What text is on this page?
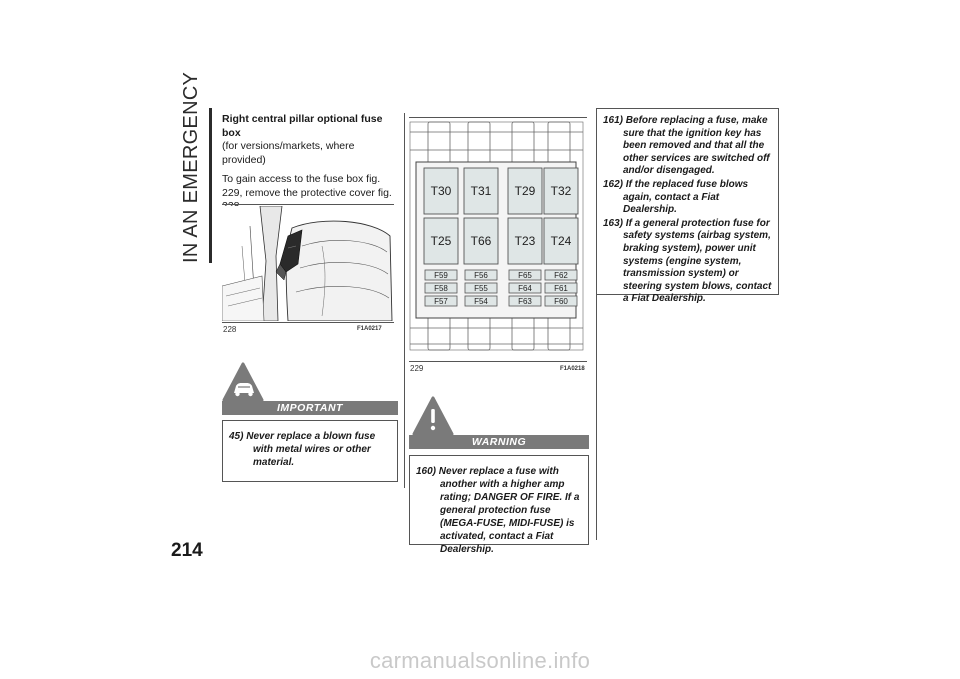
IN AN EMERGENCY
214
Right central pillar optional fuse box

(for versions/markets, where provided)

To gain access to the fuse box fig. 229, remove the protective cover fig.

228	F1A0217
IMPORTANT
45) Never replace a blown fuse with metal wires or other material.
T30 T31 T29 T32
T25 T66 T23 T24
F59	F56	F65	F62
F58	F55	F64	F61
F57	F54	F63	F60
229	F1A0218
WARNING
160) Never replace a fuse with another with a higher amp rating; DANGER OF FIRE. If a general protection fuse (MEGA-FUSE, MIDI-FUSE) is activated, contact a Fiat Dealership.
161) Before replacing a fuse, make sure that the ignition key has been removed and that all the other services are switched off and/or disengaged.
162) If the replaced fuse blows again, contact a Fiat Dealership.
163) If a general protection fuse for safety systems (airbag system, braking system), power unit systems (engine system, transmission system) or steering system blows, contact a Fiat Dealership.
carmanualsonline.info
